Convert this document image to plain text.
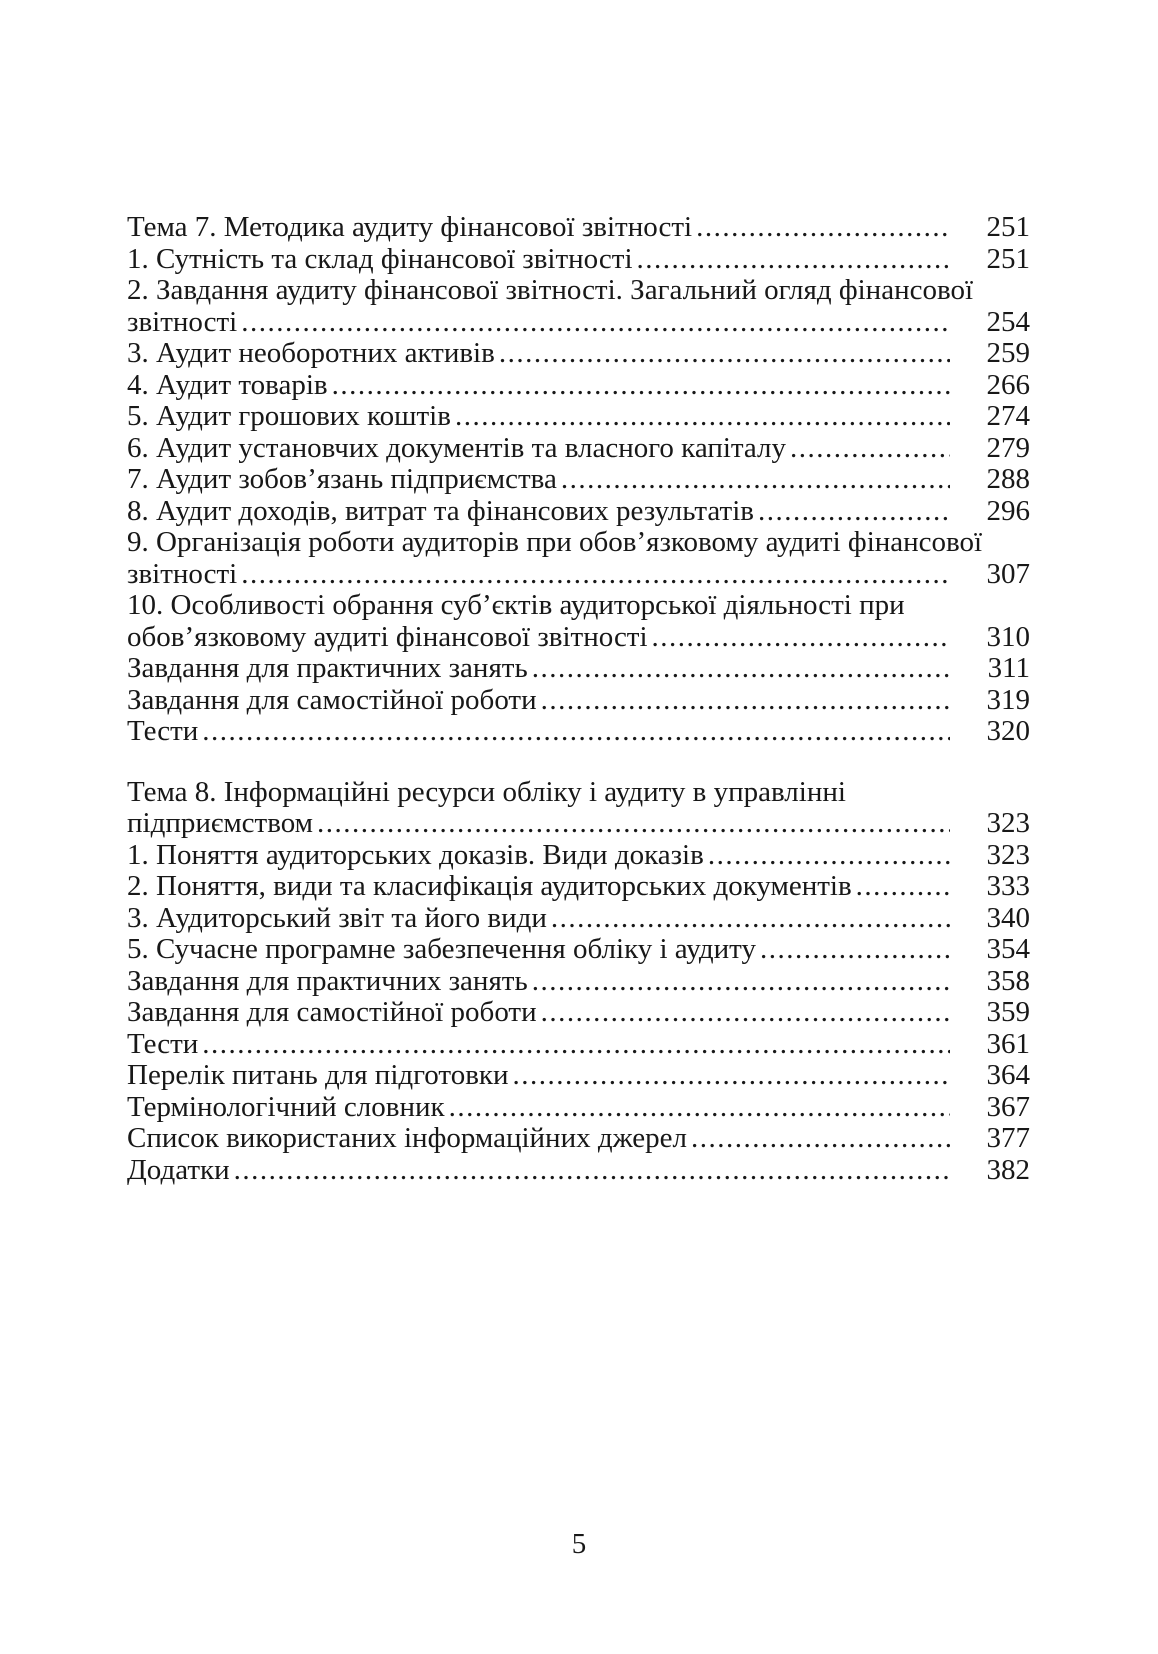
Тема 7. Методика аудиту фінансової звітності .....	251
1. Сутність та склад фінансової звітності .....	251
2. Завдання аудиту фінансової звітності. Загальний огляд фінансової
звітності .....	254
3. Аудит необоротних активів .....	259
4. Аудит товарів .....	266
5. Аудит грошових коштів .....	274
6. Аудит установчих документів та власного капіталу .....	279
7. Аудит зобов’язань підприємства .....	288
8. Аудит доходів, витрат та фінансових результатів .....	296
9. Організація роботи аудиторів при обов’язковому аудиті фінансової
звітності .....	307
10. Особливості обрання суб’єктів аудиторської діяльності при
обов’язковому аудиті фінансової звітності .....	310
Завдання для практичних занять .....	311
Завдання для самостійної роботи .....	319
Тести .....	320
Тема 8. Інформаційні ресурси обліку і аудиту в управлінні
підприємством .....	323
1. Поняття аудиторських доказів. Види доказів .....	323
2. Поняття, види та класифікація аудиторських документів .....	333
3. Аудиторський звіт та його види .....	340
5. Сучасне програмне забезпечення обліку і аудиту .....	354
Завдання для практичних занять .....	358
Завдання для самостійної роботи .....	359
Тести .....	361
Перелік питань для підготовки .....	364
Термінологічний словник .....	367
Список використаних інформаційних джерел .....	377
Додатки .....	382
5
